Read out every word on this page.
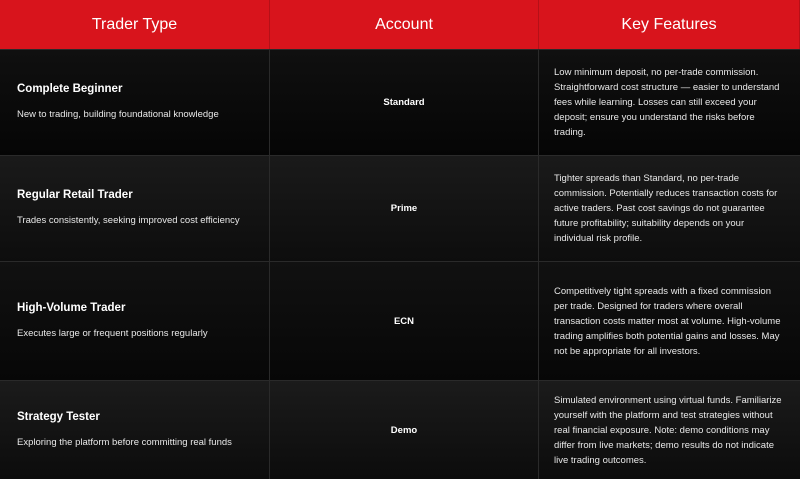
Trader Type	Account	Key Features
Complete Beginner
New to trading, building foundational knowledge
Standard
Low minimum deposit, no per-trade commission. Straightforward cost structure — easier to understand fees while learning. Losses can still exceed your deposit; ensure you understand the risks before trading.
Regular Retail Trader
Trades consistently, seeking improved cost efficiency
Prime
Tighter spreads than Standard, no per-trade commission. Potentially reduces transaction costs for active traders. Past cost savings do not guarantee future profitability; suitability depends on your individual risk profile.
High-Volume Trader
Executes large or frequent positions regularly
ECN
Competitively tight spreads with a fixed commission per trade. Designed for traders where overall transaction costs matter most at volume. High-volume trading amplifies both potential gains and losses. May not be appropriate for all investors.
Strategy Tester
Exploring the platform before committing real funds
Demo
Simulated environment using virtual funds. Familiarize yourself with the platform and test strategies without real financial exposure. Note: demo conditions may differ from live markets; demo results do not indicate live trading outcomes.
